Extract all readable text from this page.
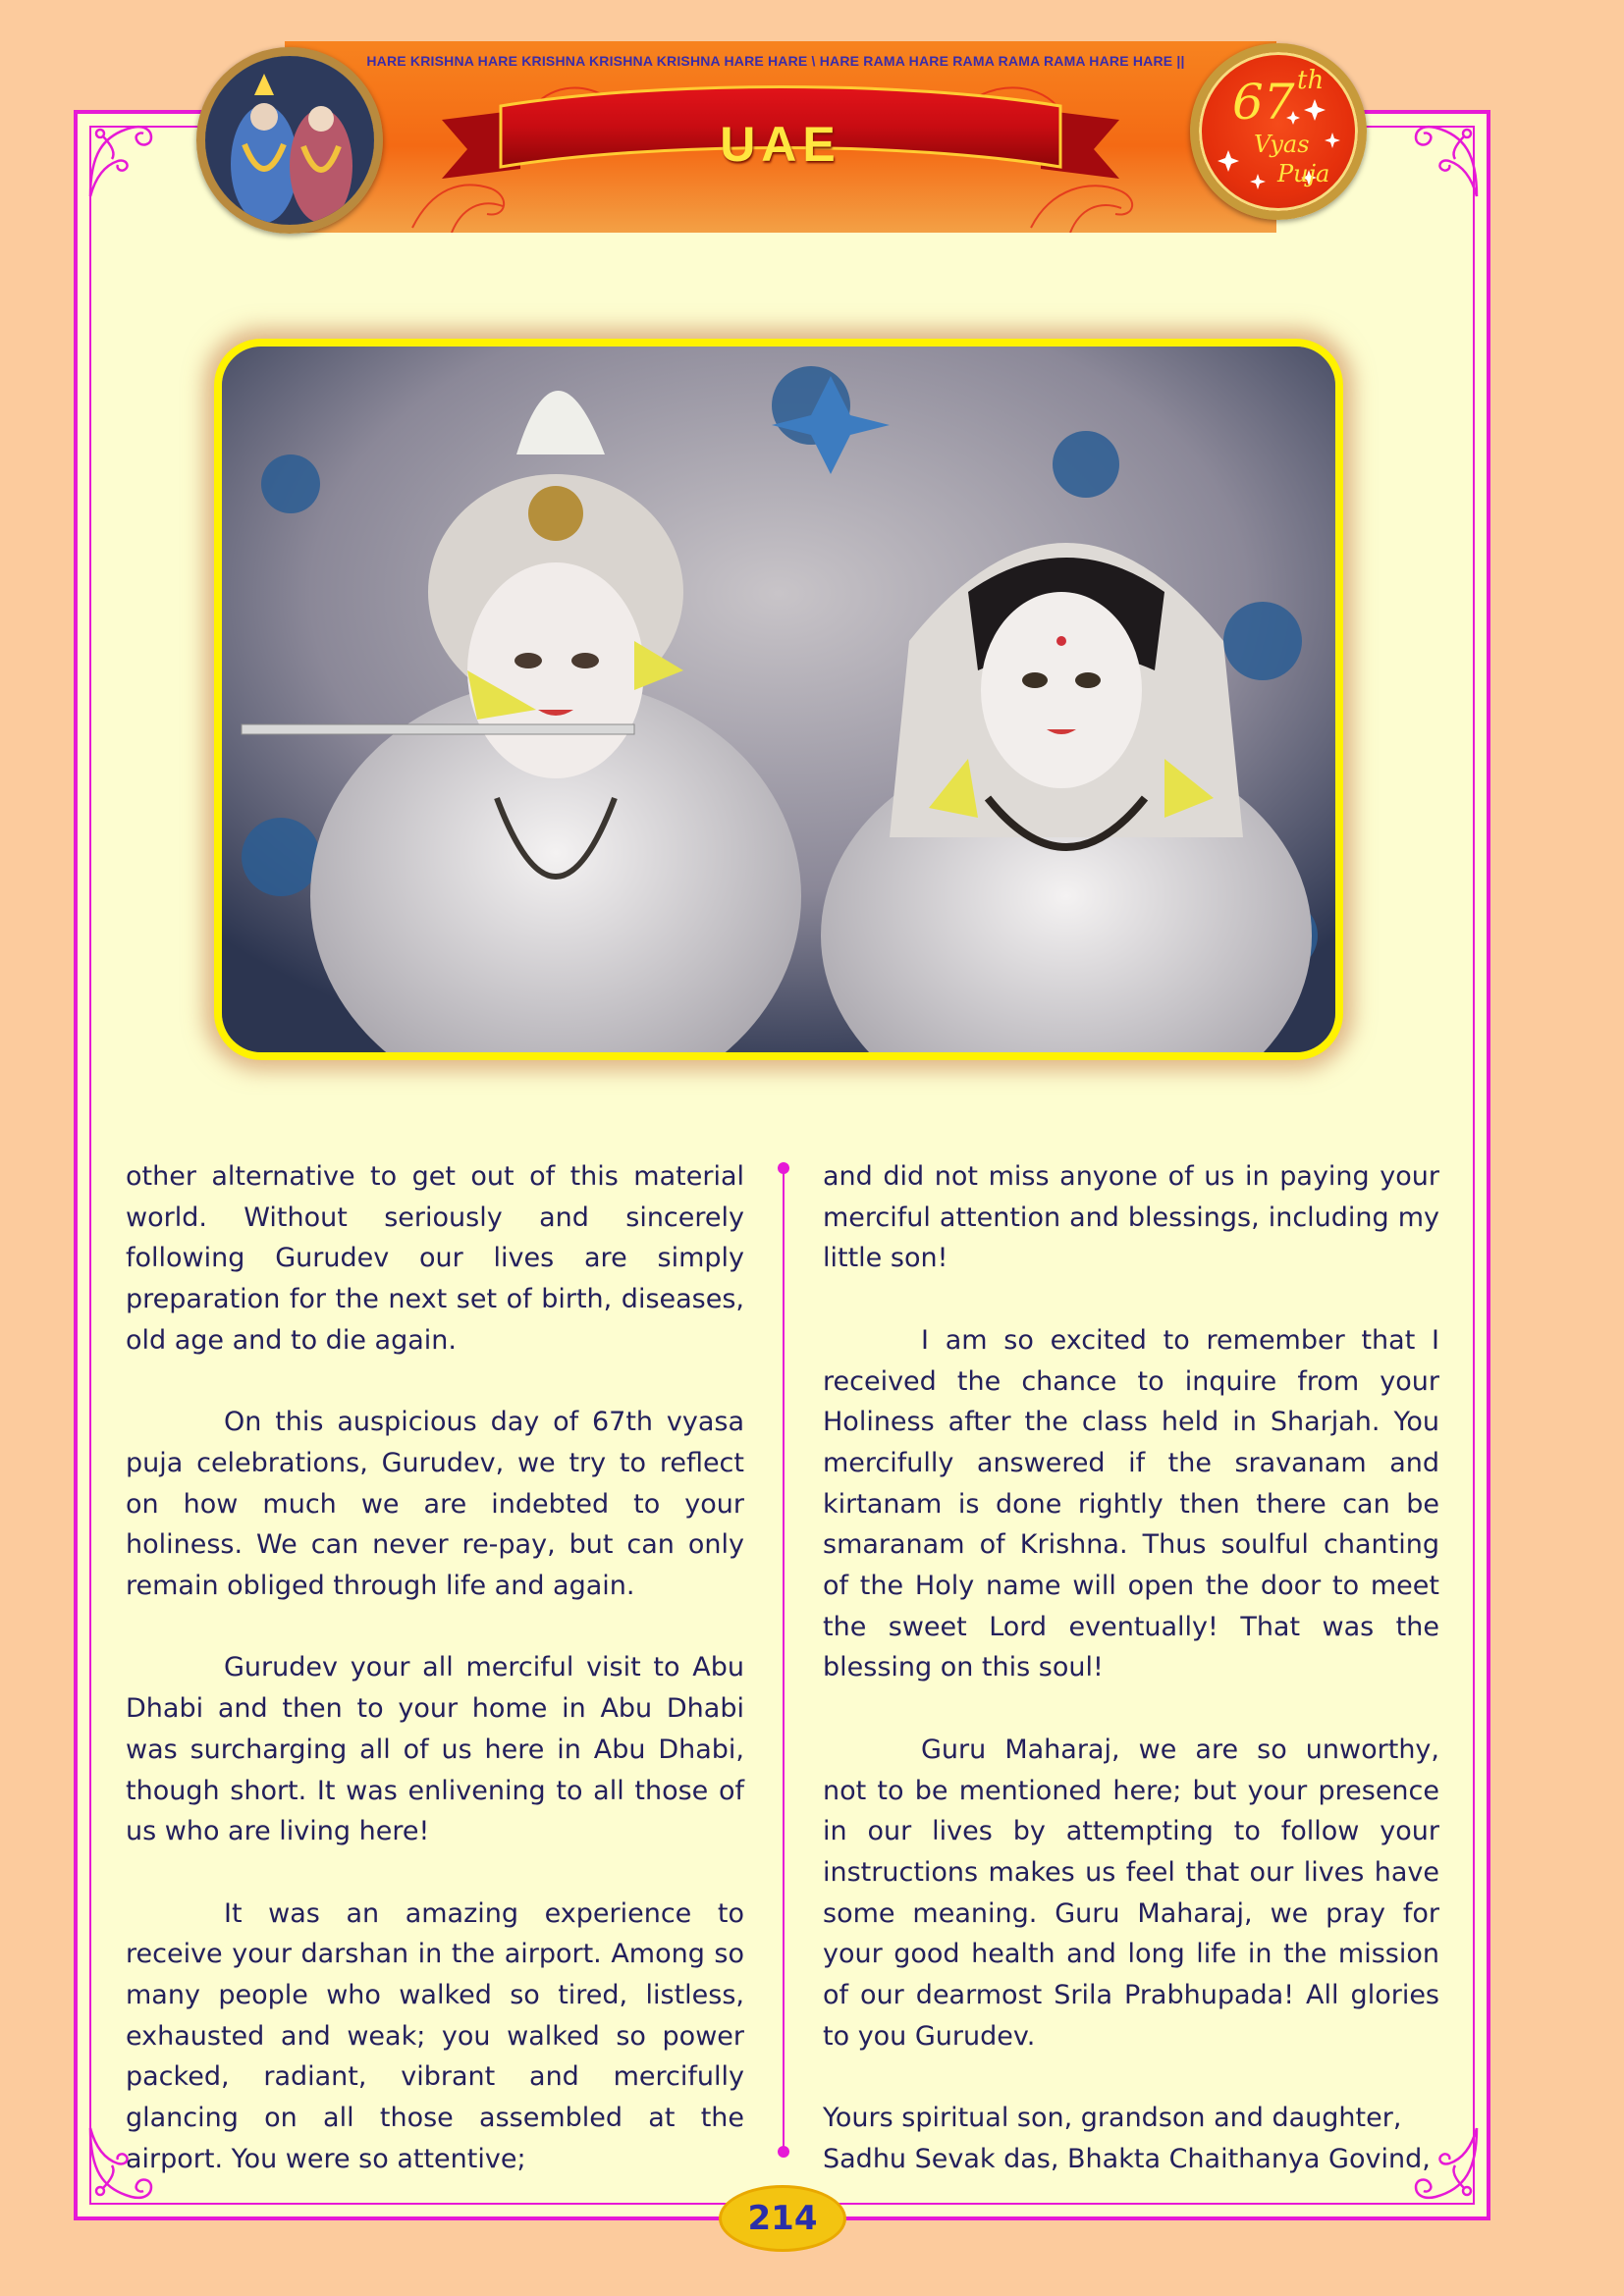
HARE KRISHNA HARE KRISHNA KRISHNA KRISHNA HARE HARE \ HARE RAMA HARE RAMA RAMA RAMA HARE HARE ||
UAE
67 th
Vyas
Puja

other alternative to get out of this material world. Without seriously and sincerely following Gurudev our lives are simply preparation for the next set of birth, diseases, old age and to die again.

On this auspicious day of 67th vyasa puja celebrations, Gurudev, we try to reflect on how much we are indebted to your holiness. We can never re-pay, but can only remain obliged through life and again.

Gurudev your all merciful visit to Abu Dhabi and then to your home in Abu Dhabi was surcharging all of us here in Abu Dhabi, though short. It was enlivening to all those of us who are living here!

It was an amazing experience to receive your darshan in the airport. Among so many people who walked so tired, listless, exhausted and weak; you walked so power packed, radiant, vibrant and mercifully glancing on all those assembled at the airport. You were so attentive;

and did not miss anyone of us in paying your merciful attention and blessings, including my little son!

I am so excited to remember that I received the chance to inquire from your Holiness after the class held in Sharjah. You mercifully answered if the sravanam and kirtanam is done rightly then there can be smaranam of Krishna. Thus soulful chanting of the Holy name will open the door to meet the sweet Lord eventually! That was the blessing on this soul!

Guru Maharaj, we are so unworthy, not to be mentioned here; but your presence in our lives by attempting to follow your instructions makes us feel that our lives have some meaning. Guru Maharaj, we pray for your good health and long life in the mission of our dearmost Srila Prabhupada! All glories to you Gurudev.

Yours spiritual son, grandson and daughter,

Sadhu Sevak das, Bhakta Chaithanya Govind,

214
